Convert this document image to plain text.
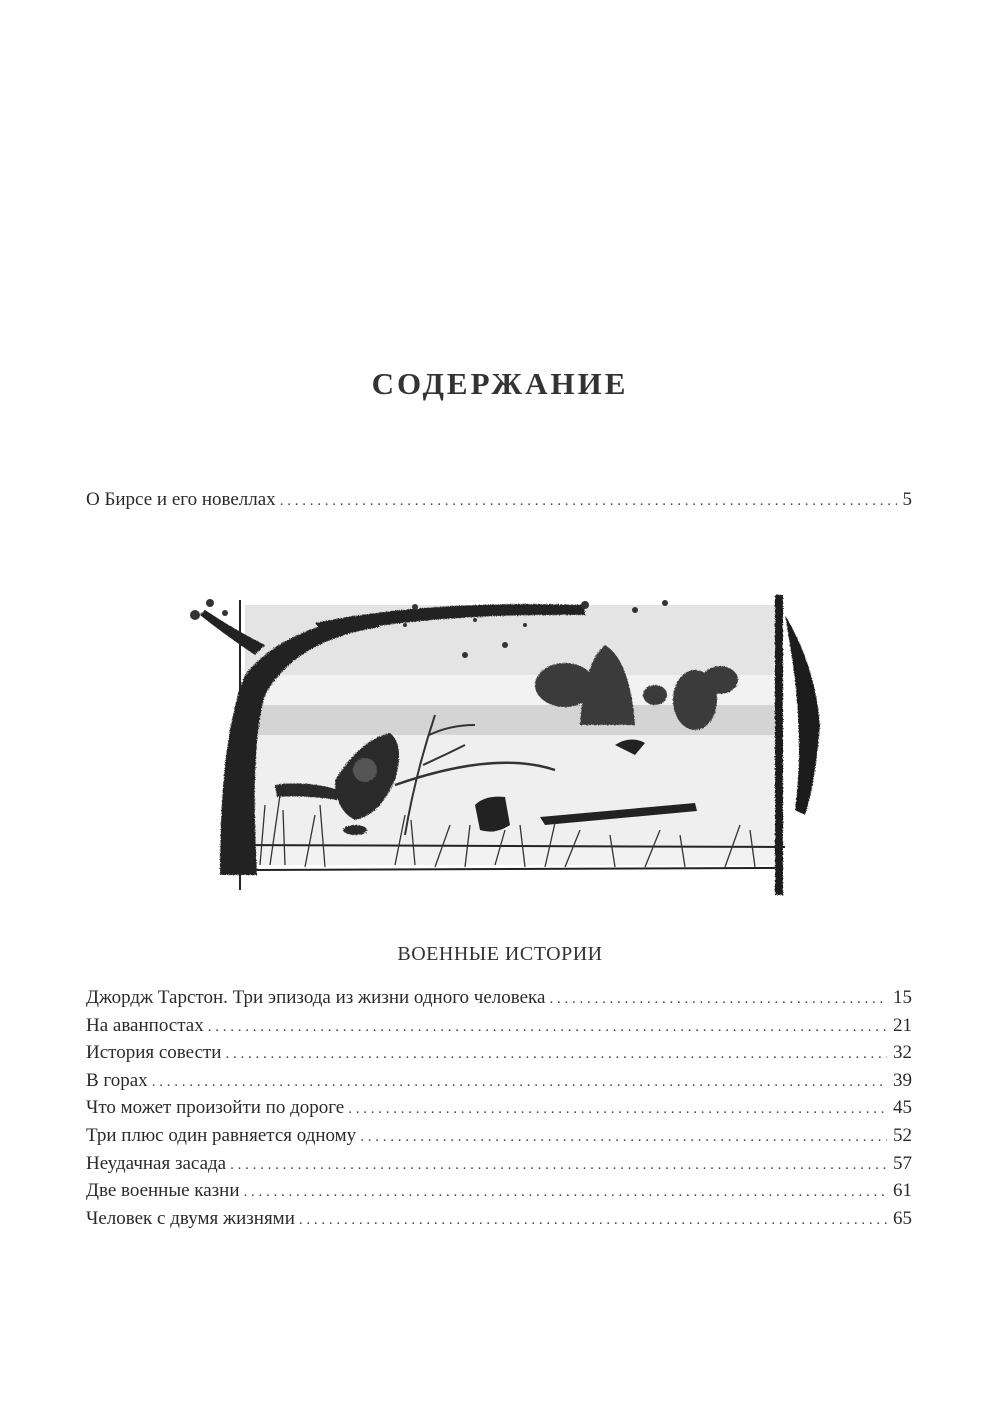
СОДЕРЖАНИЕ
О Бирсе и его новеллах . . .	5
ВОЕННЫЕ ИСТОРИИ
Джордж Тарстон. Три эпизода из жизни одного человека . . .	15
На аванпостах . . .	21
История совести . . .	32
В горах . . .	39
Что может произойти по дороге . . .	45
Три плюс один равняется одному . . .	52
Неудачная засада . . .	57
Две военные казни . . .	61
Человек с двумя жизнями . . .	65
